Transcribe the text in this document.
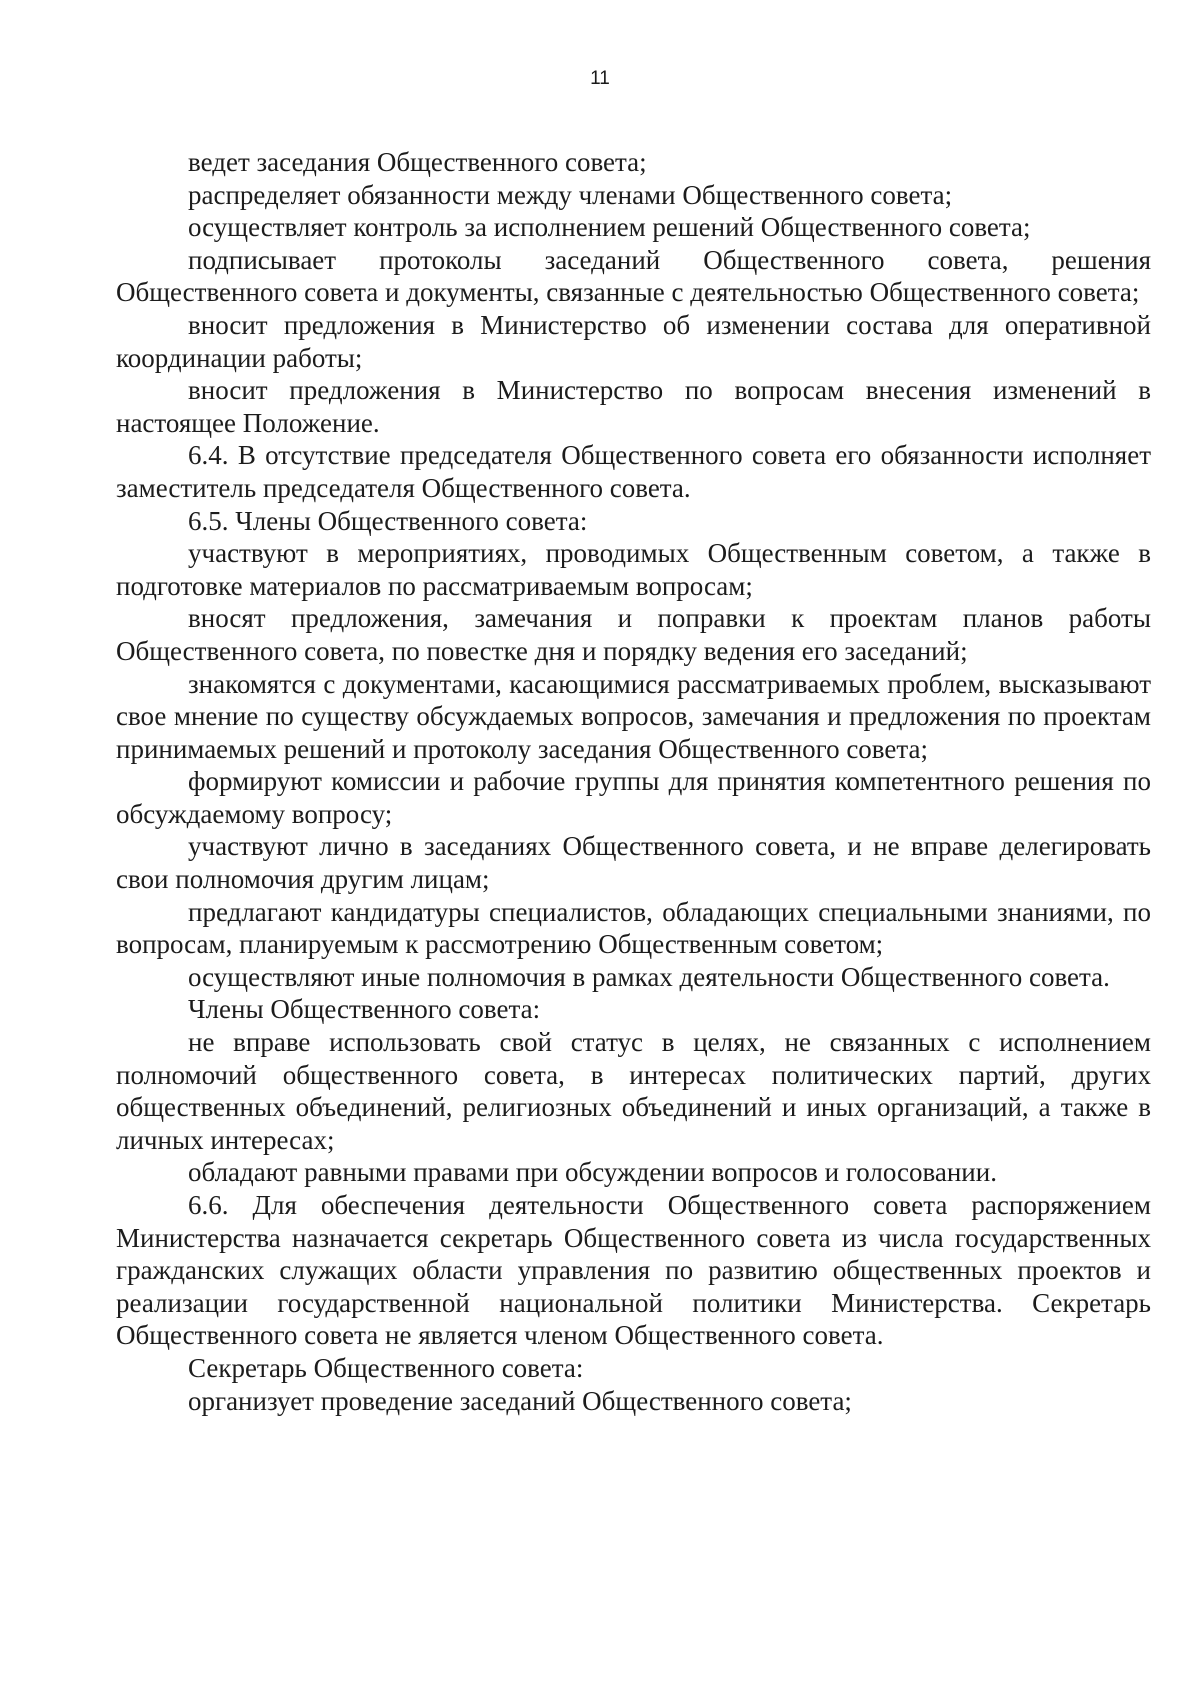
11

ведет заседания Общественного совета;

распределяет обязанности между членами Общественного совета;

осуществляет контроль за исполнением решений Общественного совета;

подписывает протоколы заседаний Общественного совета, решения Общественного совета и документы, связанные с деятельностью Общественного совета;

вносит предложения в Министерство об изменении состава для оперативной координации работы;

вносит предложения в Министерство по вопросам внесения изменений в настоящее Положение.

6.4. В отсутствие председателя Общественного совета его обязанности исполняет заместитель председателя Общественного совета.

6.5. Члены Общественного совета:

участвуют в мероприятиях, проводимых Общественным советом, а также в подготовке материалов по рассматриваемым вопросам;

вносят предложения, замечания и поправки к проектам планов работы Общественного совета, по повестке дня и порядку ведения его заседаний;

знакомятся с документами, касающимися рассматриваемых проблем, высказывают свое мнение по существу обсуждаемых вопросов, замечания и предложения по проектам принимаемых решений и протоколу заседания Общественного совета;

формируют комиссии и рабочие группы для принятия компетентного решения по обсуждаемому вопросу;

участвуют лично в заседаниях Общественного совета, и не вправе делегировать свои полномочия другим лицам;

предлагают кандидатуры специалистов, обладающих специальными знаниями, по вопросам, планируемым к рассмотрению Общественным советом;

осуществляют иные полномочия в рамках деятельности Общественного совета.

Члены Общественного совета:

не вправе использовать свой статус в целях, не связанных с исполнением полномочий общественного совета, в интересах политических партий, других общественных объединений, религиозных объединений и иных организаций, а также в личных интересах;

обладают равными правами при обсуждении вопросов и голосовании.

6.6. Для обеспечения деятельности Общественного совета распоряжением Министерства назначается секретарь Общественного совета из числа государственных гражданских служащих области управления по развитию общественных проектов и реализации государственной национальной политики Министерства. Секретарь Общественного совета не является членом Общественного совета.

Секретарь Общественного совета:

организует проведение заседаний Общественного совета;
